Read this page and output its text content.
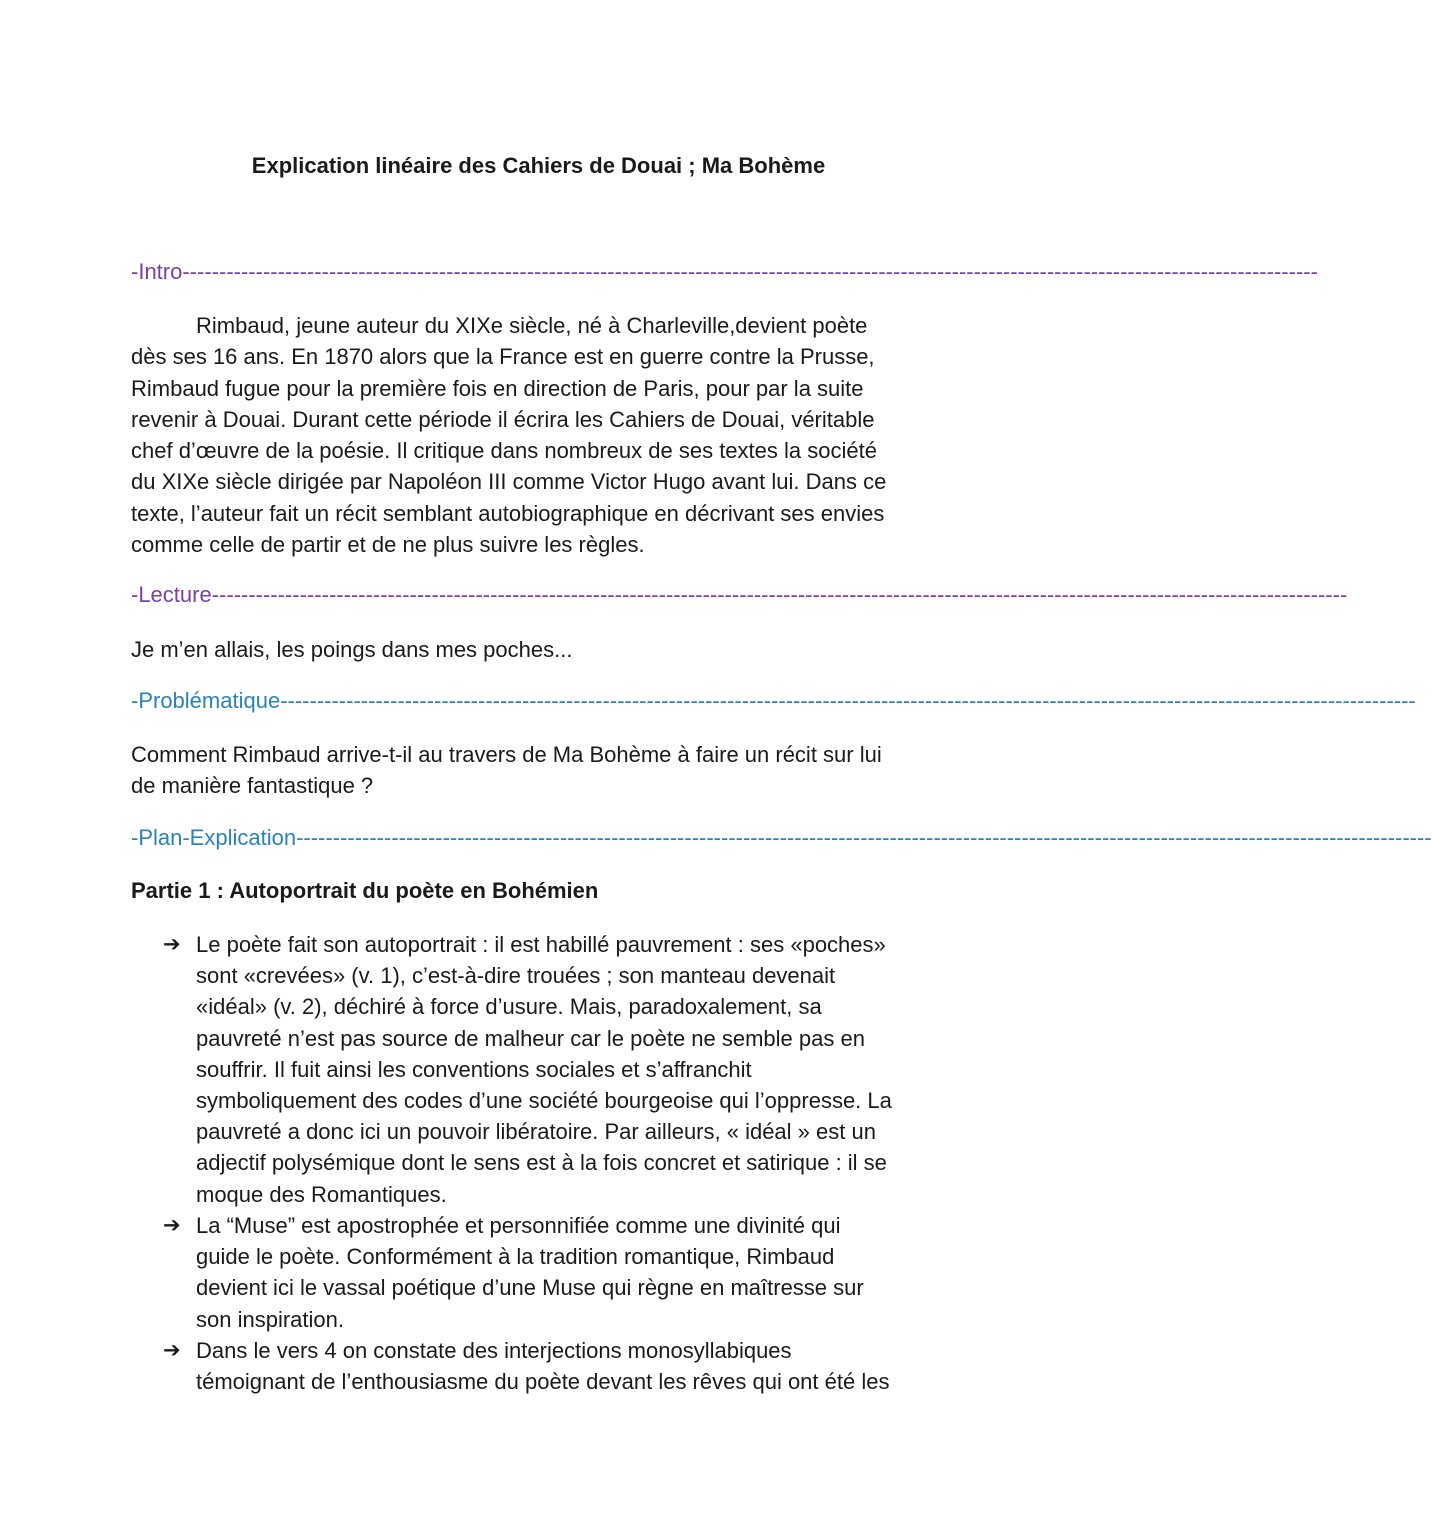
Explication linéaire des Cahiers de Douai ; Ma Bohème
-Intro-----------------------------------------------------------------------------------------------------------------------------------------------------------
Rimbaud, jeune auteur du XIXe siècle, né à Charleville,devient poète
dès ses 16 ans. En 1870 alors que la France est en guerre contre la Prusse,
Rimbaud fugue pour la première fois en direction de Paris, pour par la suite
revenir à Douai. Durant cette période il écrira les Cahiers de Douai, véritable
chef d’œuvre de la poésie. Il critique dans nombreux de ses textes la société
du XIXe siècle dirigée par Napoléon III comme Victor Hugo avant lui. Dans ce
texte, l’auteur fait un récit semblant autobiographique en décrivant ses envies
comme celle de partir et de ne plus suivre les règles.
-Lecture-----------------------------------------------------------------------------------------------------------------------------------------------------------
Je m’en allais, les poings dans mes poches...
-Problématique-----------------------------------------------------------------------------------------------------------------------------------------------------------
Comment Rimbaud arrive-t-il au travers de Ma Bohème à faire un récit sur lui
de manière fantastique ?
-Plan-Explication-----------------------------------------------------------------------------------------------------------------------------------------------------------
Partie 1 : Autoportrait du poète en Bohémien
➔ Le poète fait son autoportrait : il est habillé pauvrement : ses «poches»
sont «crevées» (v. 1), c’est-à-dire trouées ; son manteau devenait
«idéal» (v. 2), déchiré à force d’usure. Mais, paradoxalement, sa
pauvreté n’est pas source de malheur car le poète ne semble pas en
souffrir. Il fuit ainsi les conventions sociales et s’affranchit
symboliquement des codes d’une société bourgeoise qui l’oppresse. La
pauvreté a donc ici un pouvoir libératoire. Par ailleurs, « idéal » est un
adjectif polysémique dont le sens est à la fois concret et satirique : il se
moque des Romantiques.
➔ La “Muse” est apostrophée et personnifiée comme une divinité qui
guide le poète. Conformément à la tradition romantique, Rimbaud
devient ici le vassal poétique d’une Muse qui règne en maîtresse sur
son inspiration.
➔ Dans le vers 4 on constate des interjections monosyllabiques
témoignant de l’enthousiasme du poète devant les rêves qui ont été les
